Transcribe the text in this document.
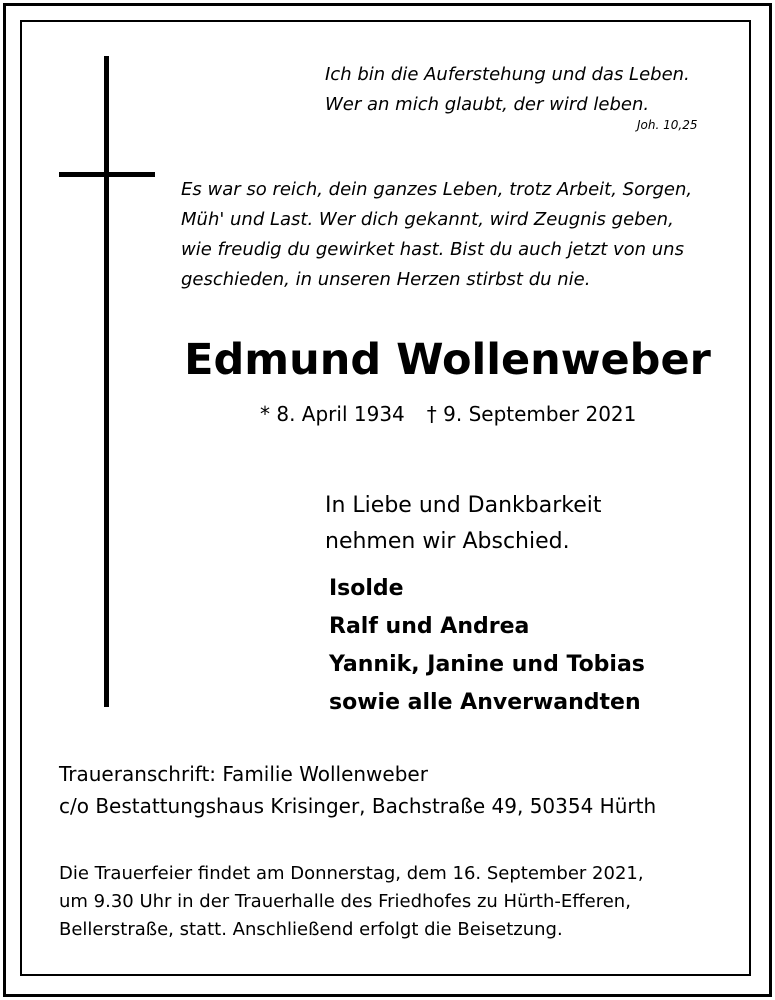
Ich bin die Auferstehung und das Leben.
Wer an mich glaubt, der wird leben.
Joh. 10,25
Es war so reich, dein ganzes Leben, trotz Arbeit, Sorgen,
Müh' und Last. Wer dich gekannt, wird Zeugnis geben,
wie freudig du gewirket hast. Bist du auch jetzt von uns
geschieden, in unseren Herzen stirbst du nie.
Edmund Wollenweber
* 8. April 1934 † 9. September 2021
In Liebe und Dankbarkeit
nehmen wir Abschied.
Isolde
Ralf und Andrea
Yannik, Janine und Tobias
sowie alle Anverwandten
Traueranschrift: Familie Wollenweber
c/o Bestattungshaus Krisinger, Bachstraße 49, 50354 Hürth
Die Trauerfeier findet am Donnerstag, dem 16. September 2021,
um 9.30 Uhr in der Trauerhalle des Friedhofes zu Hürth-Efferen,
Bellerstraße, statt. Anschließend erfolgt die Beisetzung.
